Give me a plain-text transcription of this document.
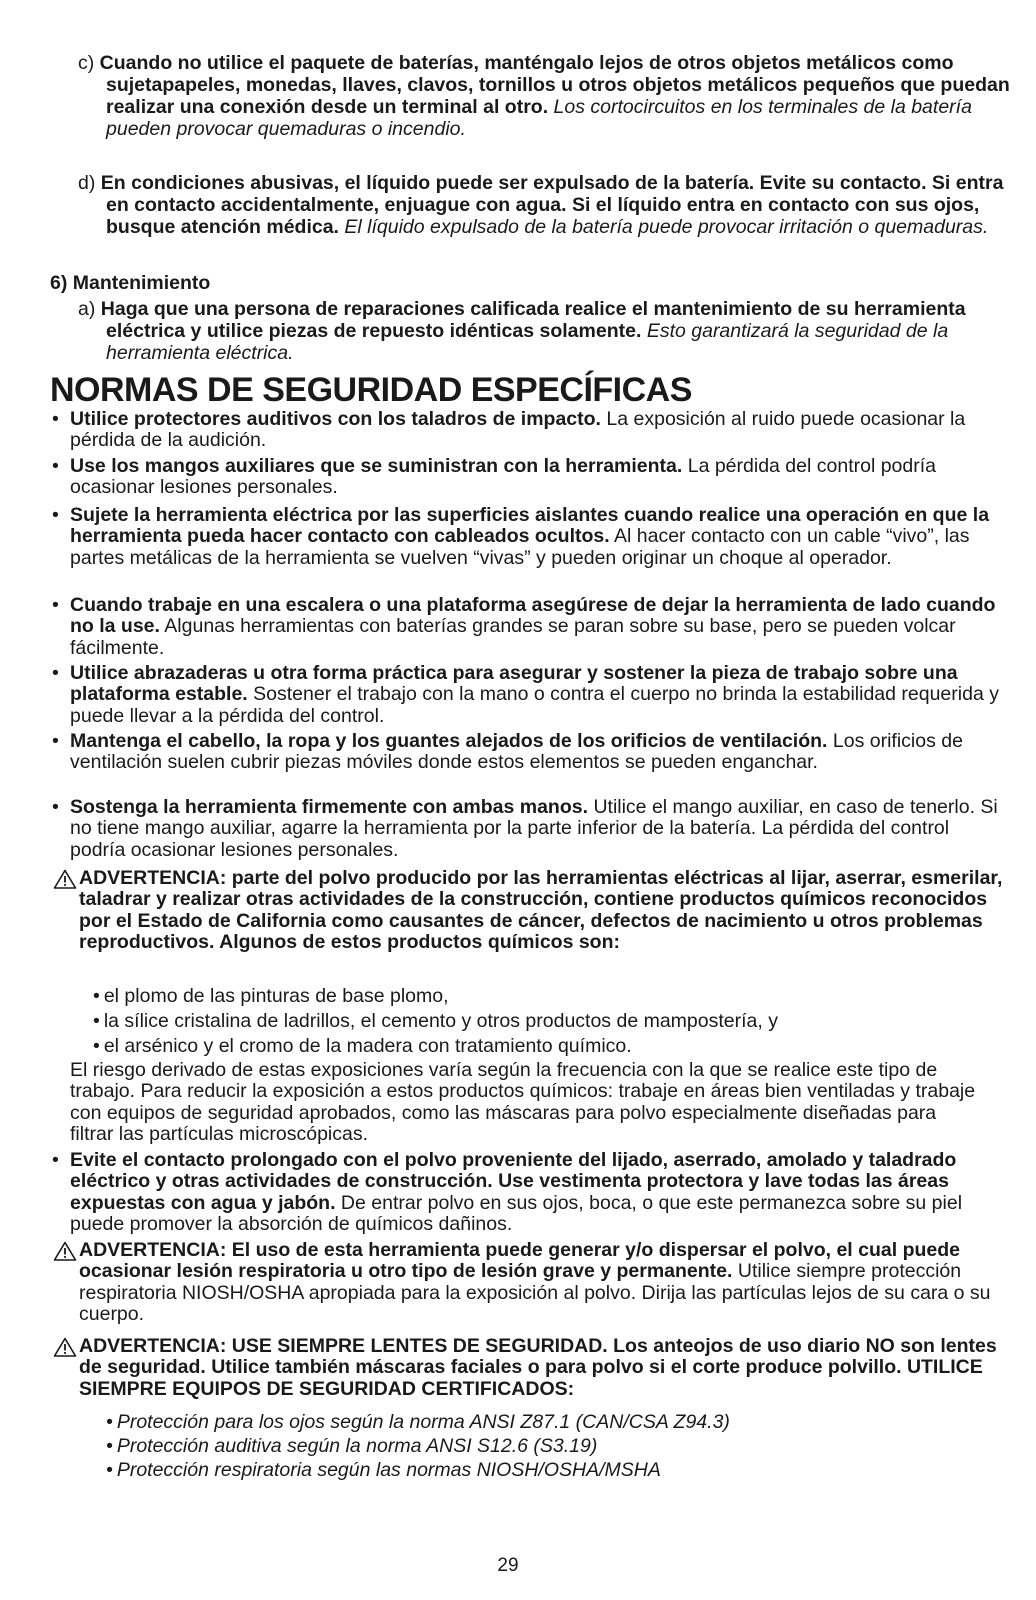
c) Cuando no utilice el paquete de baterías, manténgalo lejos de otros objetos metálicos como sujetapapeles, monedas, llaves, clavos, tornillos u otros objetos metálicos pequeños que puedan realizar una conexión desde un terminal al otro. Los cortocircuitos en los terminales de la batería pueden provocar quemaduras o incendio.

d) En condiciones abusivas, el líquido puede ser expulsado de la batería. Evite su contacto. Si entra en contacto accidentalmente, enjuague con agua. Si el líquido entra en contacto con sus ojos, busque atención médica. El líquido expulsado de la batería puede provocar irritación o quemaduras.

6) Mantenimiento

a) Haga que una persona de reparaciones calificada realice el mantenimiento de su herramienta eléctrica y utilice piezas de repuesto idénticas solamente. Esto garantizará la seguridad de la herramienta eléctrica.

NORMAS DE SEGURIDAD ESPECÍFICAS

• Utilice protectores auditivos con los taladros de impacto. La exposición al ruido puede ocasionar la pérdida de la audición.

• Use los mangos auxiliares que se suministran con la herramienta. La pérdida del control podría ocasionar lesiones personales.

• Sujete la herramienta eléctrica por las superficies aislantes cuando realice una operación en que la herramienta pueda hacer contacto con cableados ocultos. Al hacer contacto con un cable “vivo”, las partes metálicas de la herramienta se vuelven “vivas” y pueden originar un choque al operador.

• Cuando trabaje en una escalera o una plataforma asegúrese de dejar la herramienta de lado cuando no la use. Algunas herramientas con baterías grandes se paran sobre su base, pero se pueden volcar fácilmente.

• Utilice abrazaderas u otra forma práctica para asegurar y sostener la pieza de trabajo sobre una plataforma estable. Sostener el trabajo con la mano o contra el cuerpo no brinda la estabilidad requerida y puede llevar a la pérdida del control.

• Mantenga el cabello, la ropa y los guantes alejados de los orificios de ventilación. Los orificios de ventilación suelen cubrir piezas móviles donde estos elementos se pueden enganchar.

• Sostenga la herramienta firmemente con ambas manos. Utilice el mango auxiliar, en caso de tenerlo. Si no tiene mango auxiliar, agarre la herramienta por la parte inferior de la batería. La pérdida del control podría ocasionar lesiones personales.

ADVERTENCIA: parte del polvo producido por las herramientas eléctricas al lijar, aserrar, esmerilar, taladrar y realizar otras actividades de la construcción, contiene productos químicos reconocidos por el Estado de California como causantes de cáncer, defectos de nacimiento u otros problemas reproductivos. Algunos de estos productos químicos son:

• el plomo de las pinturas de base plomo,

• la sílice cristalina de ladrillos, el cemento y otros productos de mampostería, y

• el arsénico y el cromo de la madera con tratamiento químico.

El riesgo derivado de estas exposiciones varía según la frecuencia con la que se realice este tipo de trabajo. Para reducir la exposición a estos productos químicos: trabaje en áreas bien ventiladas y trabaje con equipos de seguridad aprobados, como las máscaras para polvo especialmente diseñadas para filtrar las partículas microscópicas.

• Evite el contacto prolongado con el polvo proveniente del lijado, aserrado, amolado y taladrado eléctrico y otras actividades de construcción. Use vestimenta protectora y lave todas las áreas expuestas con agua y jabón. De entrar polvo en sus ojos, boca, o que este permanezca sobre su piel puede promover la absorción de químicos dañinos.

ADVERTENCIA: El uso de esta herramienta puede generar y/o dispersar el polvo, el cual puede ocasionar lesión respiratoria u otro tipo de lesión grave y permanente. Utilice siempre protección respiratoria NIOSH/OSHA apropiada para la exposición al polvo. Dirija las partículas lejos de su cara o su cuerpo.

ADVERTENCIA: USE SIEMPRE LENTES DE SEGURIDAD. Los anteojos de uso diario NO son lentes de seguridad. Utilice también máscaras faciales o para polvo si el corte produce polvillo. UTILICE SIEMPRE EQUIPOS DE SEGURIDAD CERTIFICADOS:

• Protección para los ojos según la norma ANSI Z87.1 (CAN/CSA Z94.3)

• Protección auditiva según la norma ANSI S12.6 (S3.19)

• Protección respiratoria según las normas NIOSH/OSHA/MSHA

29
